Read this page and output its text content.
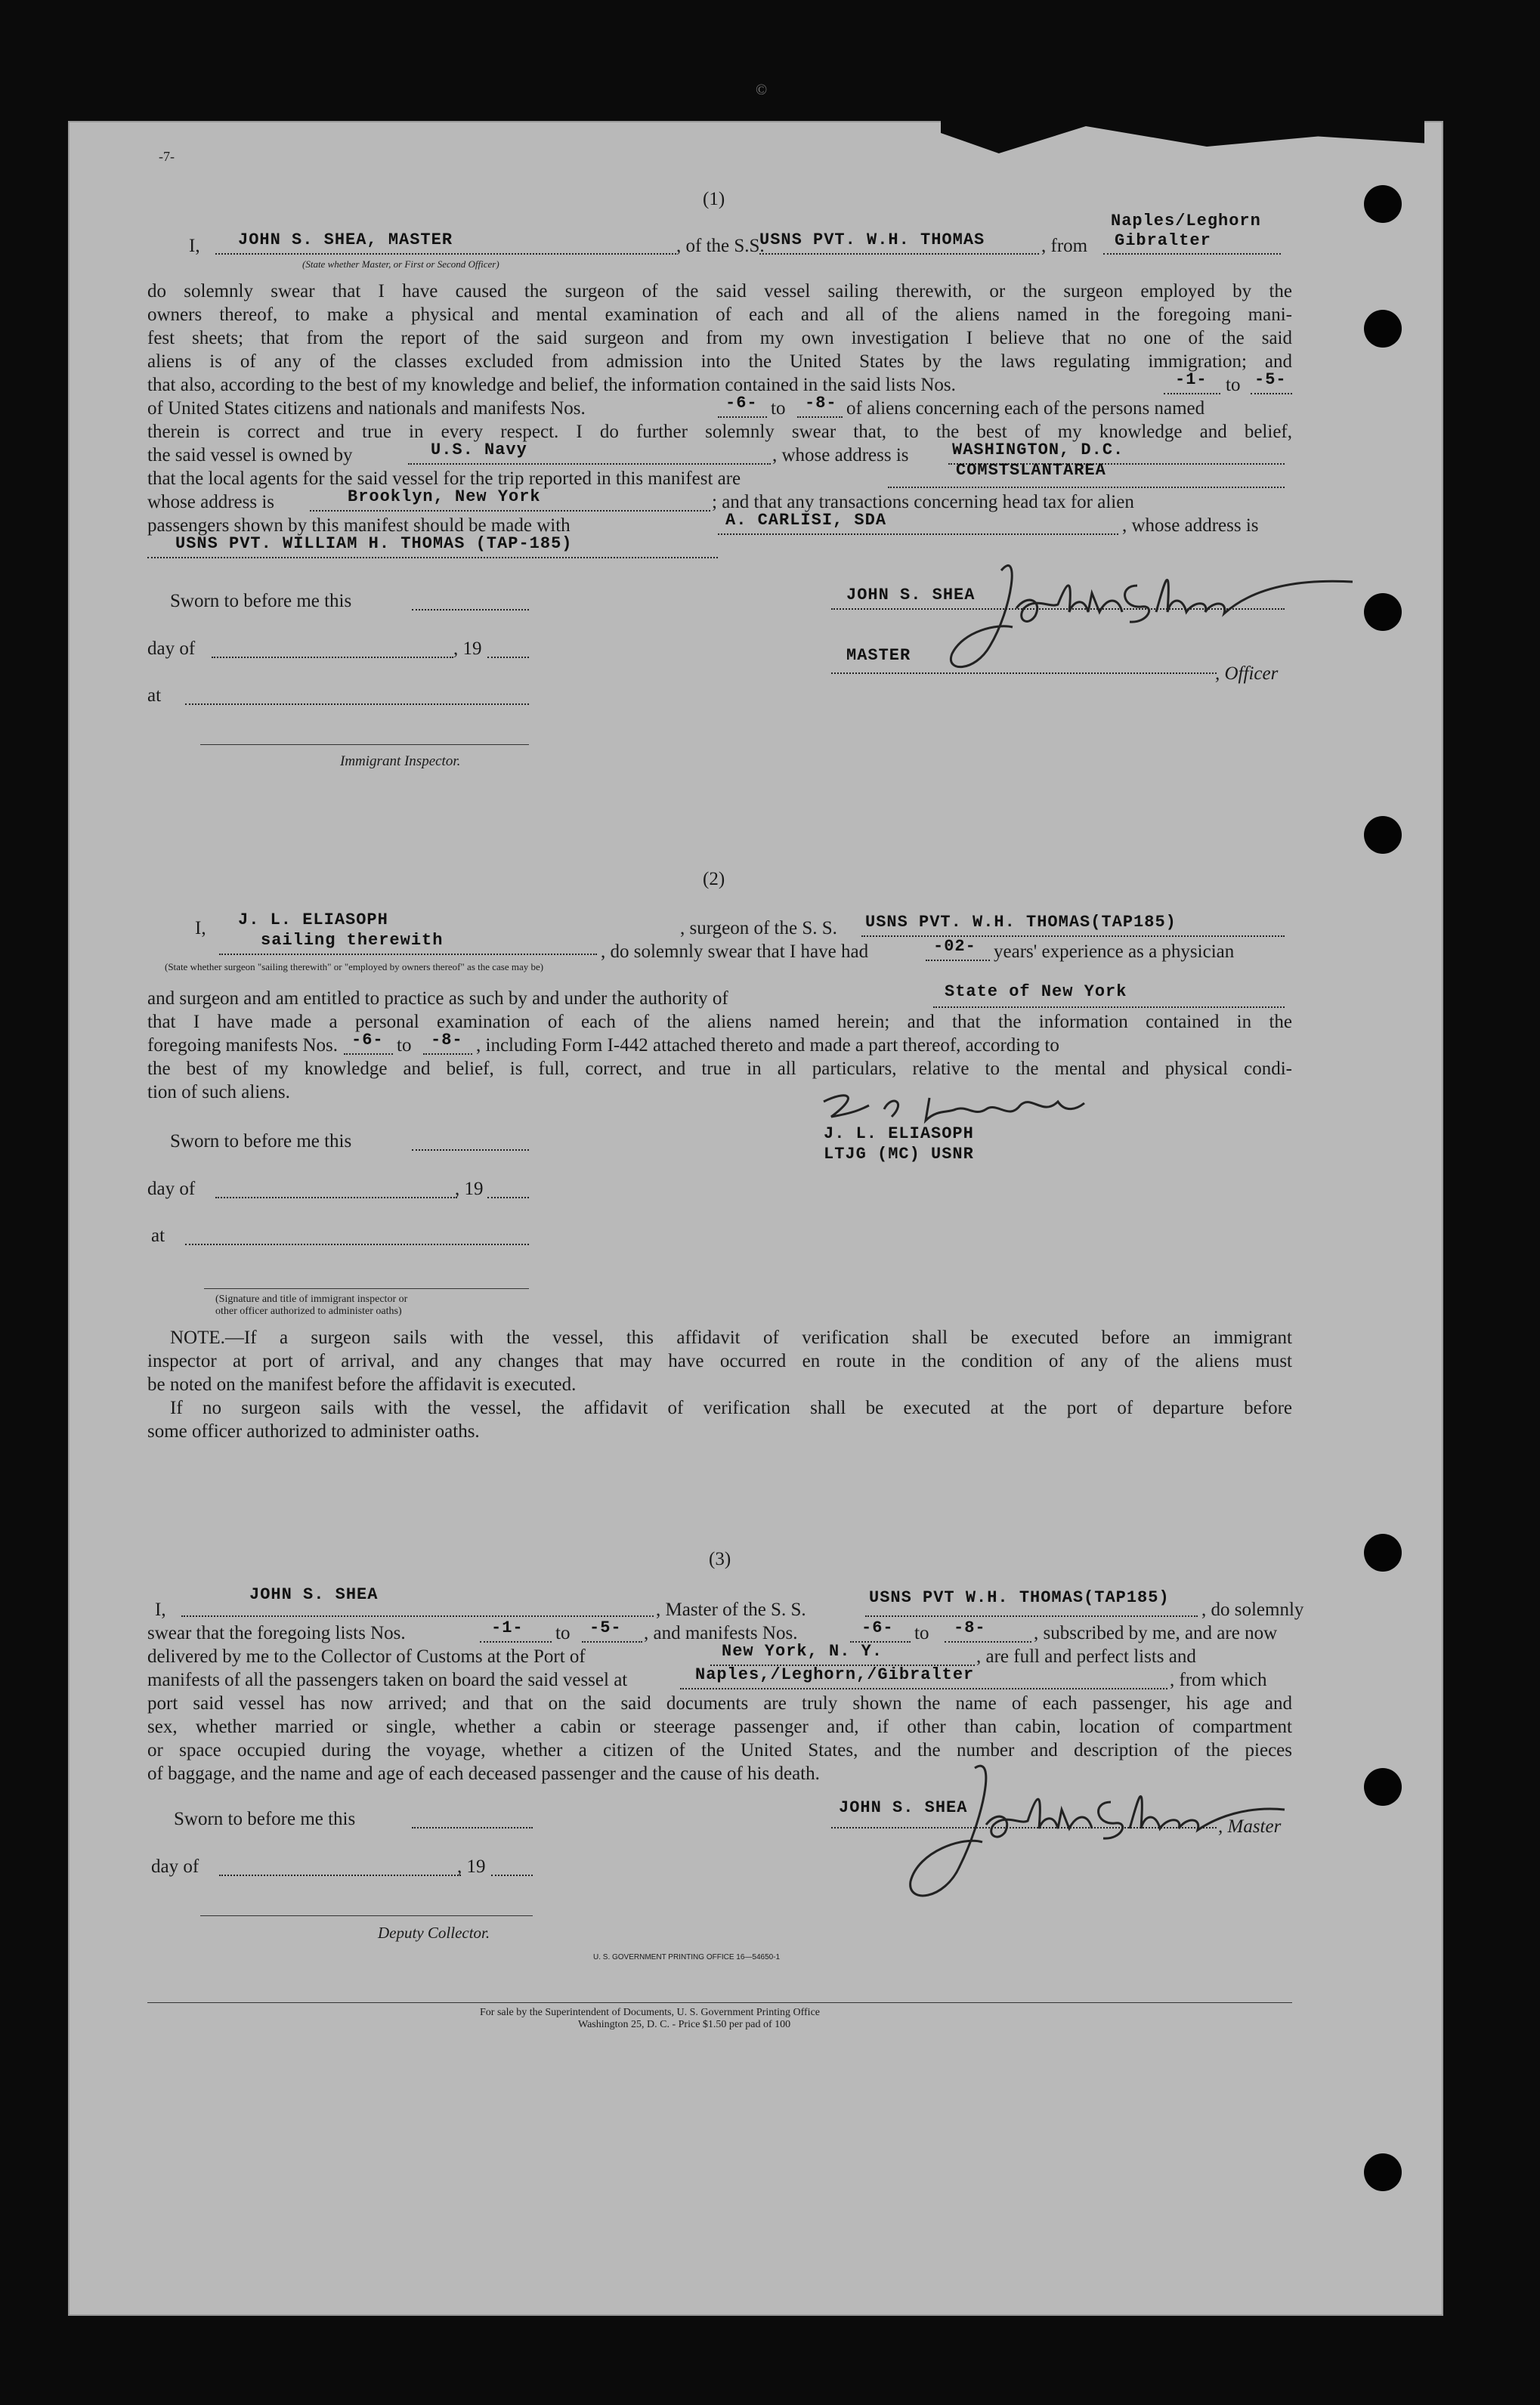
©
-7-
(1)
I, JOHN S. SHEA, MASTER
(State whether Master, or First or Second Officer)
, of the S.S.
USNS PVT. W.H. THOMAS	, from
Naples/Leghorn
Gibralter
do solemnly swear that I have caused the surgeon of the said vessel sailing therewith, or the surgeon employed by the
owners thereof, to make a physical and mental examination of each and all of the aliens named in the foregoing mani-
fest sheets; that from the report of the said surgeon and from my own investigation I believe that no one of the said
aliens is of any of the classes excluded from admission into the United States by the laws regulating immigration; and
that also, according to the best of my knowledge and belief, the information contained in the said lists Nos.	-1- to -5-
of United States citizens and nationals and manifests Nos.	-6- to -8- of aliens concerning each of the persons named
therein is correct and true in every respect. I do further solemnly swear that, to the best of my knowledge and belief,
the said vessel is owned by	U.S. Navy	, whose address is	WASHINGTON, D.C.
that the local agents for the said vessel for the trip reported in this manifest are	COMSTSLANTAREA
whose address is	Brooklyn, New York	; and that any transactions concerning head tax for alien
passengers shown by this manifest should be made with	A. CARLISI, SDA	, whose address is
USNS PVT. WILLIAM H. THOMAS (TAP-185)
Sworn to before me this
day of	, 19
at
Immigrant Inspector.
JOHN S. SHEA
MASTER
, Officer
(2)
I, J. L. ELIASOPH
sailing therewith
(State whether surgeon "sailing therewith" or "employed by owners thereof" as the case may be)
, surgeon of the S. S. USNS PVT. W.H. THOMAS(TAP185)
, do solemnly swear that I have had	-02- years' experience as a physician
and surgeon and am entitled to practice as such by and under the authority of	State of New York
that I have made a personal examination of each of the aliens named herein; and that the information contained in the
foregoing manifests Nos. -6- to -8- , including Form I-442 attached thereto and made a part thereof, according to
the best of my knowledge and belief, is full, correct, and true in all particulars, relative to the mental and physical condi-
tion of such aliens.
J. L. ELIASOPH
LTJG (MC) USNR
Sworn to before me this
day of	, 19
at
(Signature and title of immigrant inspector or
other officer authorized to administer oaths)
NOTE.—If a surgeon sails with the vessel, this affidavit of verification shall be executed before an immigrant
inspector at port of arrival, and any changes that may have occurred en route in the condition of any of the aliens must
be noted on the manifest before the affidavit is executed.
If no surgeon sails with the vessel, the affidavit of verification shall be executed at the port of departure before
some officer authorized to administer oaths.
(3)
I,
JOHN S. SHEA
, Master of the S. S.
USNS PVT W.H. THOMAS(TAP185)
, do solemnly
swear that the foregoing lists Nos.	-1- to -5- , and manifests Nos.	-6- to -8-	, subscribed by me, and are now
delivered by me to the Collector of Customs at the Port of	New York, N. Y.	, are full and perfect lists and
manifests of all the passengers taken on board the said vessel at	Naples,/Leghorn,/Gibralter	, from which
port said vessel has now arrived; and that on the said documents are truly shown the name of each passenger, his age and
sex, whether married or single, whether a cabin or steerage passenger and, if other than cabin, location of compartment
or space occupied during the voyage, whether a citizen of the United States, and the number and description of the pieces
of baggage, and the name and age of each deceased passenger and the cause of his death.
Sworn to before me this
day of	, 19
Deputy Collector.
JOHN S. SHEA
, Master
U. S. GOVERNMENT PRINTING OFFICE 16—54650-1
For sale by the Superintendent of Documents, U. S. Government Printing Office
Washington 25, D. C. - Price $1.50 per pad of 100
